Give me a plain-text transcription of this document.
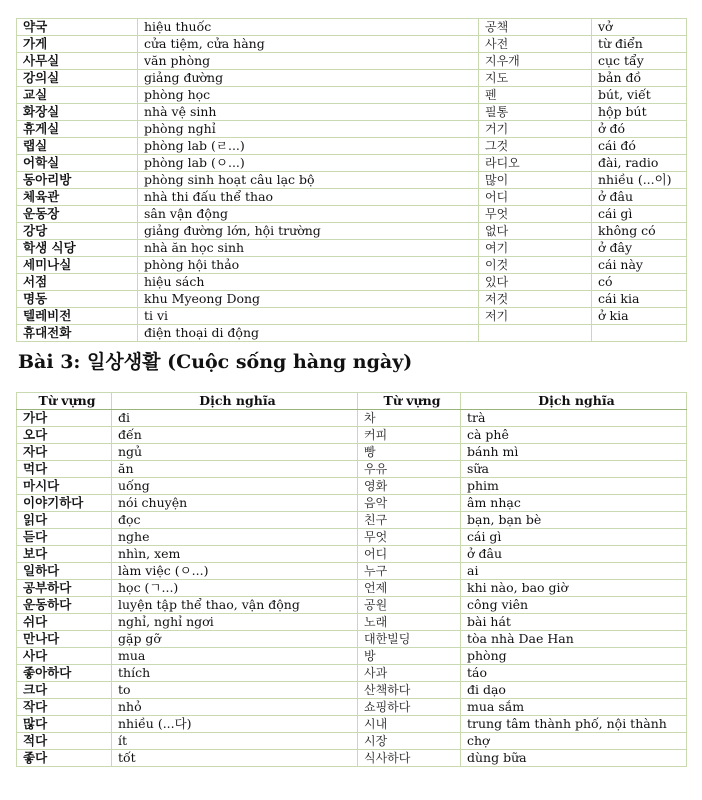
약국	hiệu thuốc	공책	vở
가게	cửa tiệm, cửa hàng	사전	từ điển
사무실	văn phòng	지우개	cục tẩy
강의실	giảng đường	지도	bản đồ
교실	phòng học	펜	bút, viết
화장실	nhà vệ sinh	필통	hộp bút
휴게실	phòng nghỉ	거기	ở đó
랩실	phòng lab (ㄹ...)	그것	cái đó
어학실	phòng lab (ㅇ...)	라디오	đài, radio
동아리방	phòng sinh hoạt câu lạc bộ	많이	nhiều (...이)
체육관	nhà thi đấu thể thao	어디	ở đâu
운동장	sân vận động	무엇	cái gì
강당	giảng đường lớn, hội trường	없다	không có
학생 식당	nhà ăn học sinh	여기	ở đây
세미나실	phòng hội thảo	이것	cái này
서점	hiệu sách	있다	có
명동	khu Myeong Dong	저것	cái kia
텔레비전	ti vi	저기	ở kia
휴대전화	điện thoại di động		
Bài 3: 일상생활 (Cuộc sống hàng ngày)
Từ vựng	Dịch nghĩa	Từ vựng	Dịch nghĩa
가다	đi	차	trà
오다	đến	커피	cà phê
자다	ngủ	빵	bánh mì
먹다	ăn	우유	sữa
마시다	uống	영화	phim
이야기하다	nói chuyện	음악	âm nhạc
읽다	đọc	친구	bạn, bạn bè
듣다	nghe	무엇	cái gì
보다	nhìn, xem	어디	ở đâu
일하다	làm việc (ㅇ...)	누구	ai
공부하다	học (ㄱ...)	언제	khi nào, bao giờ
운동하다	luyện tập thể thao, vận động	공원	công viên
쉬다	nghỉ, nghỉ ngơi	노래	bài hát
만나다	gặp gỡ	대한빌딩	tòa nhà Dae Han
사다	mua	방	phòng
좋아하다	thích	사과	táo
크다	to	산책하다	đi dạo
작다	nhỏ	쇼핑하다	mua sắm
많다	nhiều (...다)	시내	trung tâm thành phố, nội thành
적다	ít	시장	chợ
좋다	tốt	식사하다	dùng bữa
